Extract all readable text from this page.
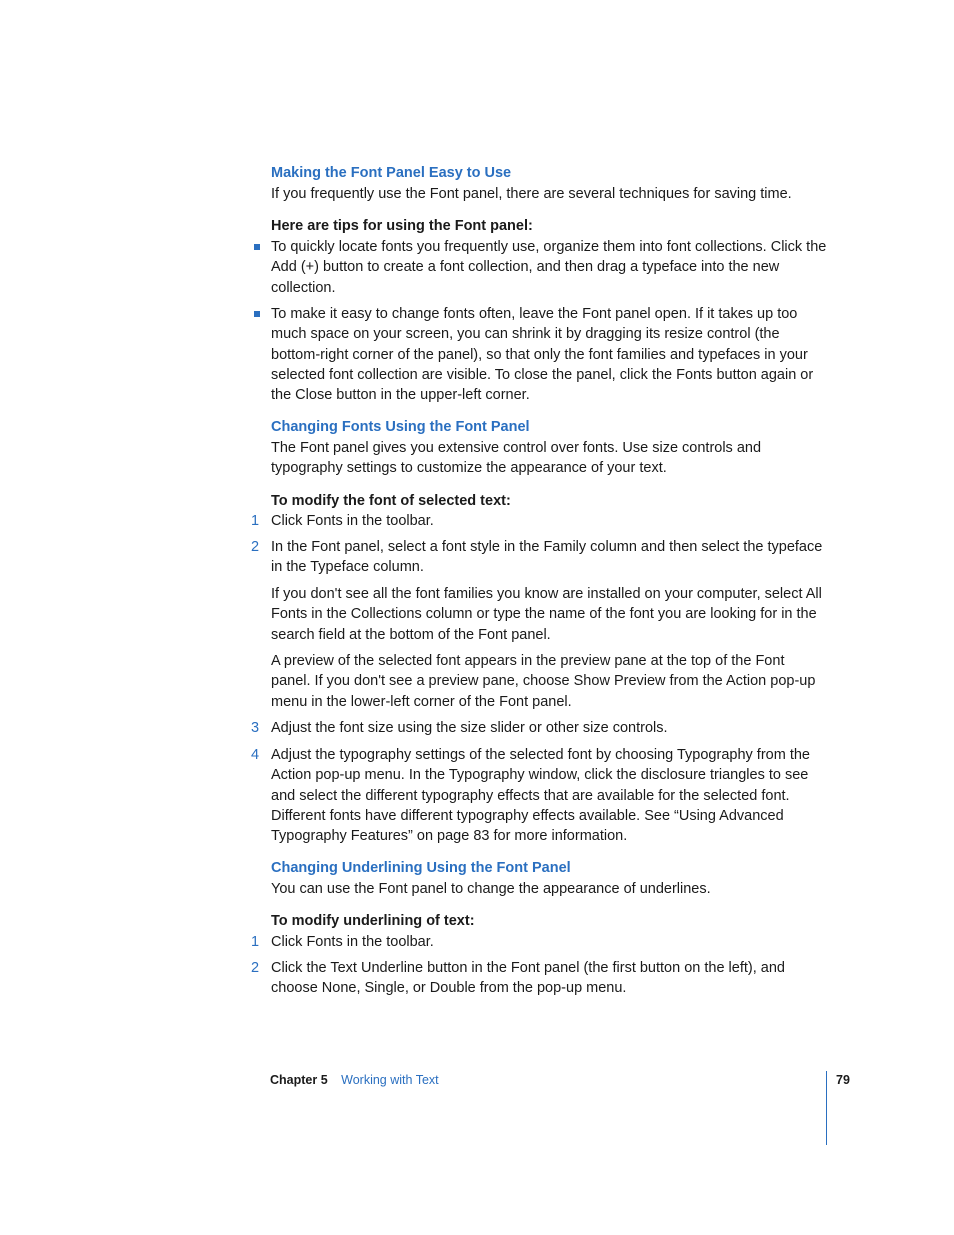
Making the Font Panel Easy to Use
If you frequently use the Font panel, there are several techniques for saving time.
Here are tips for using the Font panel:
To quickly locate fonts you frequently use, organize them into font collections. Click the Add (+) button to create a font collection, and then drag a typeface into the new collection.
To make it easy to change fonts often, leave the Font panel open. If it takes up too much space on your screen, you can shrink it by dragging its resize control (the bottom-right corner of the panel), so that only the font families and typefaces in your selected font collection are visible. To close the panel, click the Fonts button again or the Close button in the upper-left corner.
Changing Fonts Using the Font Panel
The Font panel gives you extensive control over fonts. Use size controls and typography settings to customize the appearance of your text.
To modify the font of selected text:
1 Click Fonts in the toolbar.
2 In the Font panel, select a font style in the Family column and then select the typeface in the Typeface column.
If you don't see all the font families you know are installed on your computer, select All Fonts in the Collections column or type the name of the font you are looking for in the search field at the bottom of the Font panel.
A preview of the selected font appears in the preview pane at the top of the Font panel. If you don't see a preview pane, choose Show Preview from the Action pop-up menu in the lower-left corner of the Font panel.
3 Adjust the font size using the size slider or other size controls.
4 Adjust the typography settings of the selected font by choosing Typography from the Action pop-up menu. In the Typography window, click the disclosure triangles to see and select the different typography effects that are available for the selected font. Different fonts have different typography effects available. See “Using Advanced Typography Features” on page 83 for more information.
Changing Underlining Using the Font Panel
You can use the Font panel to change the appearance of underlines.
To modify underlining of text:
1 Click Fonts in the toolbar.
2 Click the Text Underline button in the Font panel (the first button on the left), and choose None, Single, or Double from the pop-up menu.
Chapter 5 Working with Text	79
